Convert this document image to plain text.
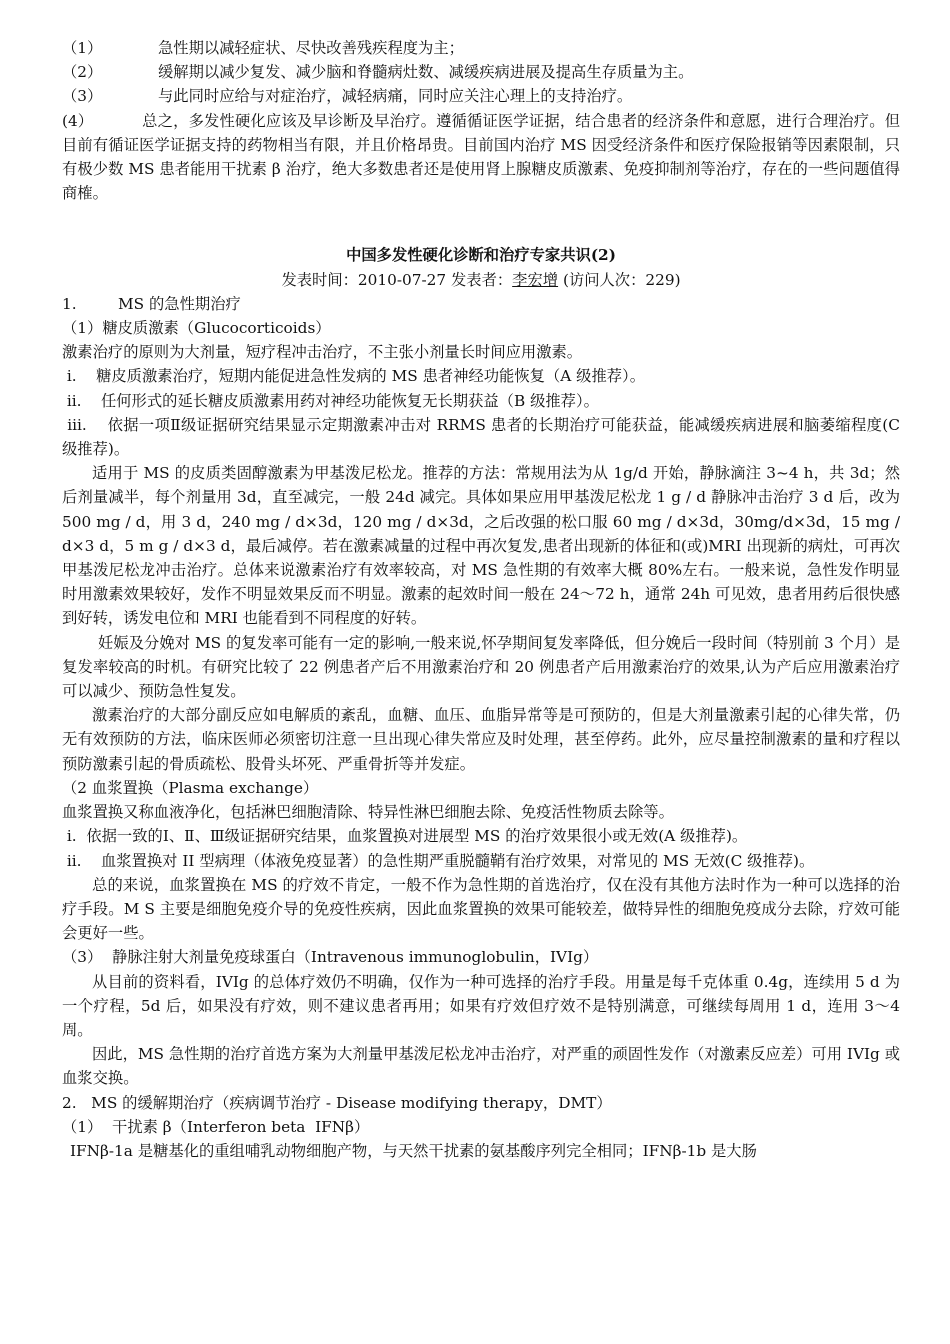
（1）	急性期以减轻症状、尽快改善残疾程度为主；

（2）	缓解期以减少复发、减少脑和脊髓病灶数、减缓疾病进展及提高生存质量为主。

（3）	与此同时应给与对症治疗，减轻病痛，同时应关注心理上的支持治疗。

(4）	总之，多发性硬化应该及早诊断及早治疗。遵循循证医学证据，结合患者的经济条件和意愿，进行合理治疗。但目前有循证医学证据支持的药物相当有限，并且价格昂贵。目前国内治疗 MS 因受经济条件和医疗保险报销等因素限制，只有极少数 MS 患者能用干扰素 β 治疗，绝大多数患者还是使用肾上腺糖皮质激素、免疫抑制剂等治疗，存在的一些问题值得商榷。

中国多发性硬化诊断和治疗专家共识(2)

发表时间：2010-07-27 发表者：李宏增 (访问人次：229)

1.	MS 的急性期治疗

（1）糖皮质激素（Glucocorticoids）

激素治疗的原则为大剂量，短疗程冲击治疗，不主张小剂量长时间应用激素。

i.    糖皮质激素治疗，短期内能促进急性发病的 MS 患者神经功能恢复（A 级推荐）。

ii.    任何形式的延长糖皮质激素用药对神经功能恢复无长期获益（B 级推荐）。

iii.    依据一项Ⅱ级证据研究结果显示定期激素冲击对 RRMS 患者的长期治疗可能获益，能减缓疾病进展和脑萎缩程度(C 级推荐)。

适用于 MS 的皮质类固醇激素为甲基泼尼松龙。推荐的方法：常规用法为从 1g/d 开始，静脉滴注 3~4 h，共 3d；然后剂量减半，每个剂量用 3d，直至减完，一般 24d 减完。具体如果应用甲基泼尼松龙 1 g / d 静脉冲击治疗 3 d 后，改为 500 mg / d，用 3 d，240 mg / d×3d，120 mg / d×3d，之后改强的松口服 60 mg / d×3d，30mg/d×3d，15 mg / d×3 d，5 m g / d×3 d，最后减停。若在激素减量的过程中再次复发,患者出现新的体征和(或)MRI 出现新的病灶，可再次甲基泼尼松龙冲击治疗。总体来说激素治疗有效率较高，对 MS 急性期的有效率大概 80%左右。一般来说，急性发作明显时用激素效果较好，发作不明显效果反而不明显。激素的起效时间一般在 24～72 h，通常 24h 可见效，患者用药后很快感到好转，诱发电位和 MRI 也能看到不同程度的好转。

妊娠及分娩对 MS 的复发率可能有一定的影响,一般来说,怀孕期间复发率降低，但分娩后一段时间（特别前 3 个月）是复发率较高的时机。有研究比较了 22 例患者产后不用激素治疗和 20 例患者产后用激素治疗的效果,认为产后应用激素治疗可以减少、预防急性复发。

激素治疗的大部分副反应如电解质的紊乱，血糖、血压、血脂异常等是可预防的，但是大剂量激素引起的心律失常，仍无有效预防的方法，临床医师必须密切注意一旦出现心律失常应及时处理，甚至停药。此外，应尽量控制激素的量和疗程以预防激素引起的骨质疏松、股骨头坏死、严重骨折等并发症。

（2 血浆置换（Plasma exchange）

血浆置换又称血液净化，包括淋巴细胞清除、特异性淋巴细胞去除、免疫活性物质去除等。

i.  依据一致的Ⅰ、Ⅱ、Ⅲ级证据研究结果，血浆置换对进展型 MS 的治疗效果很小或无效(A 级推荐)。

ii.    血浆置换对 II 型病理（体液免疫显著）的急性期严重脱髓鞘有治疗效果，对常见的 MS 无效(C 级推荐)。

总的来说，血浆置换在 MS 的疗效不肯定，一般不作为急性期的首选治疗，仅在没有其他方法时作为一种可以选择的治疗手段。M S 主要是细胞免疫介导的免疫性疾病，因此血浆置换的效果可能较差，做特异性的细胞免疫成分去除，疗效可能会更好一些。

（3）  静脉注射大剂量免疫球蛋白（Intravenous immunoglobulin，IVIg）

从目前的资料看，IVIg 的总体疗效仍不明确，仅作为一种可选择的治疗手段。用量是每千克体重 0.4g，连续用 5 d 为一个疗程，5d 后，如果没有疗效，则不建议患者再用；如果有疗效但疗效不是特别满意，可继续每周用 1 d，连用 3～4 周。

因此，MS 急性期的治疗首选方案为大剂量甲基泼尼松龙冲击治疗，对严重的顽固性发作（对激素反应差）可用 IVIg 或血浆交换。

2.   MS 的缓解期治疗（疾病调节治疗 - Disease modifying therapy，DMT）

（1）  干扰素 β（Interferon beta  IFNβ）

IFNβ-1a 是糖基化的重组哺乳动物细胞产物，与天然干扰素的氨基酸序列完全相同；IFNβ-1b 是大肠
